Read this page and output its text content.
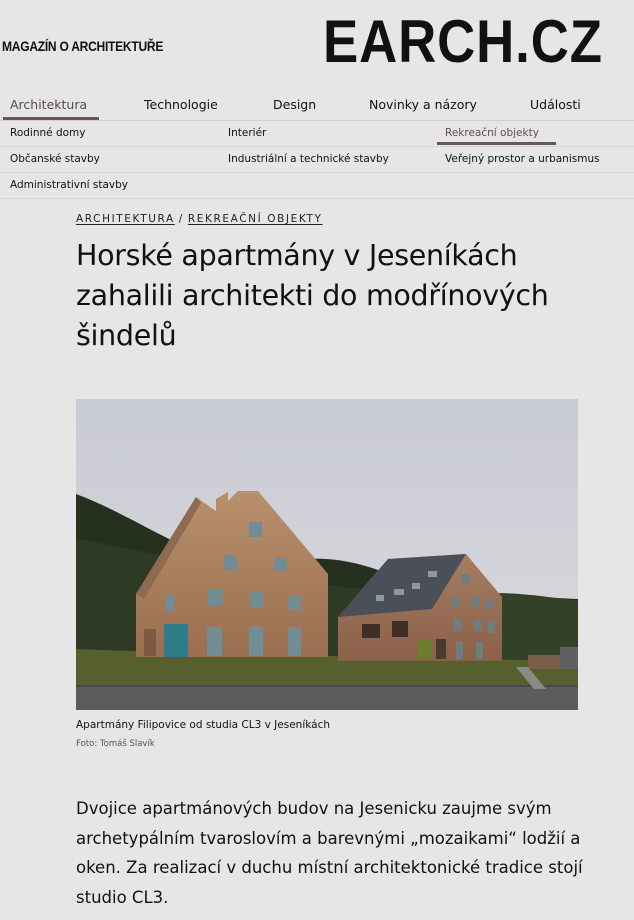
MAGAZÍN O ARCHITEKTUŘE	EARCH.CZ
Architektura	Technologie	Design	Novinky a názory	Události
Rodinné domy	Interiér	Rekreační objekty
Občanské stavby	Industriální a technické stavby	Veřejný prostor a urbanismus
Administrativní stavby
ARCHITEKTURA / REKREAČNÍ OBJEKTY
Horské apartmány v Jeseníkách zahalili architekti do modřínových šindelů
Apartmány Filipovice od studia CL3 v Jeseníkách
Foto: Tomáš Slavík

Dvojice apartmánových budov na Jesenicku zaujme svým archetypálním tvaroslovím a barevnými „mozaikami“ lodžií a oken. Za realizací v duchu místní architektonické tradice stojí studio CL3.
